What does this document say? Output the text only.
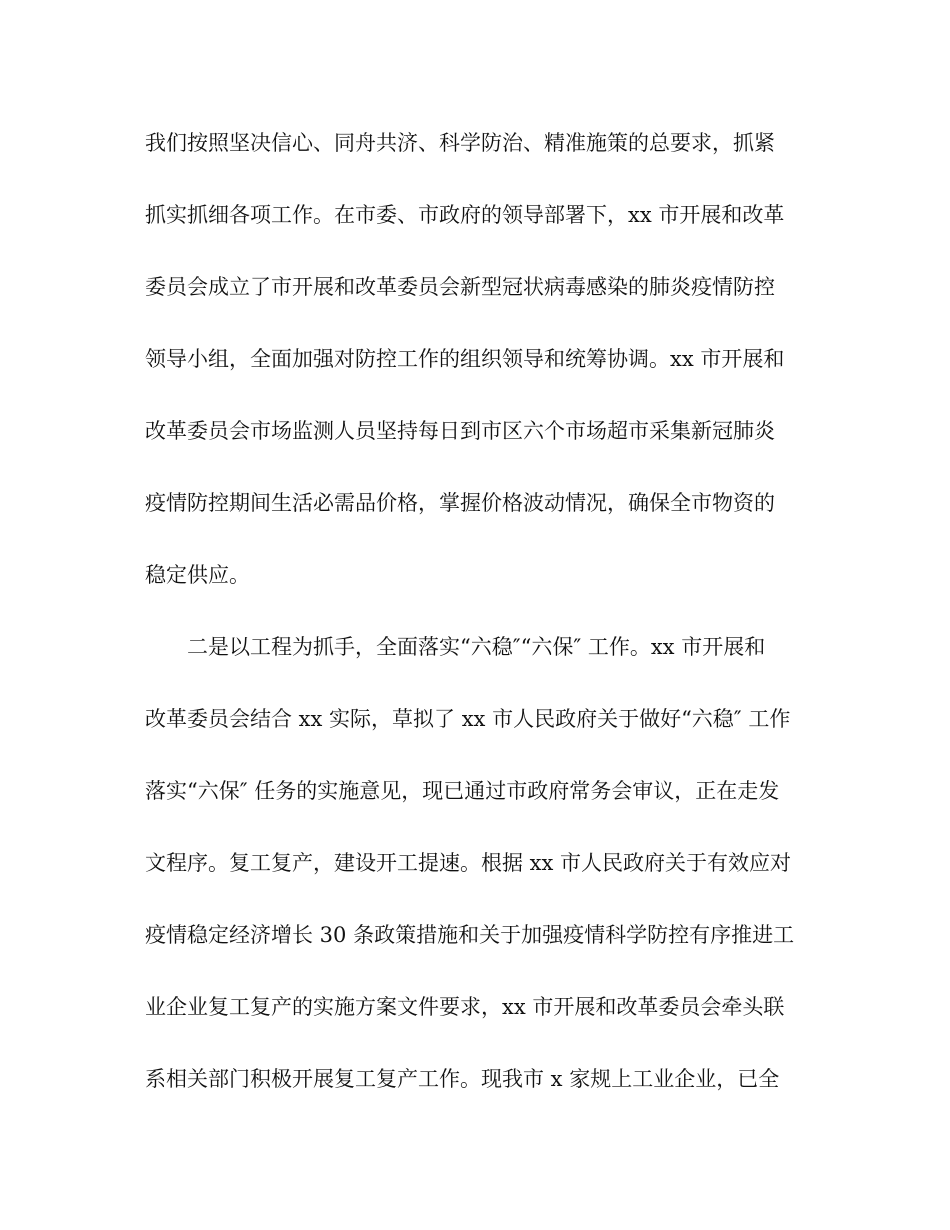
我们按照坚决信心、同舟共济、科学防治、精准施策的总要求，抓紧
抓实抓细各项工作。在市委、市政府的领导部署下，xx 市开展和改革
委员会成立了市开展和改革委员会新型冠状病毒感染的肺炎疫情防控
领导小组，全面加强对防控工作的组织领导和统筹协调。xx 市开展和
改革委员会市场监测人员坚持每日到市区六个市场超市采集新冠肺炎
疫情防控期间生活必需品价格，掌握价格波动情况，确保全市物资的
稳定供应。
二是以工程为抓手，全面落实“六稳″“六保″ 工作。xx 市开展和
改革委员会结合 xx 实际，草拟了 xx 市人民政府关于做好“六稳″ 工作
落实“六保″ 任务的实施意见，现已通过市政府常务会审议，正在走发
文程序。复工复产，建设开工提速。根据 xx 市人民政府关于有效应对
疫情稳定经济增长 30 条政策措施和关于加强疫情科学防控有序推进工
业企业复工复产的实施方案文件要求，xx 市开展和改革委员会牵头联
系相关部门积极开展复工复产工作。现我市 x 家规上工业企业，已全
